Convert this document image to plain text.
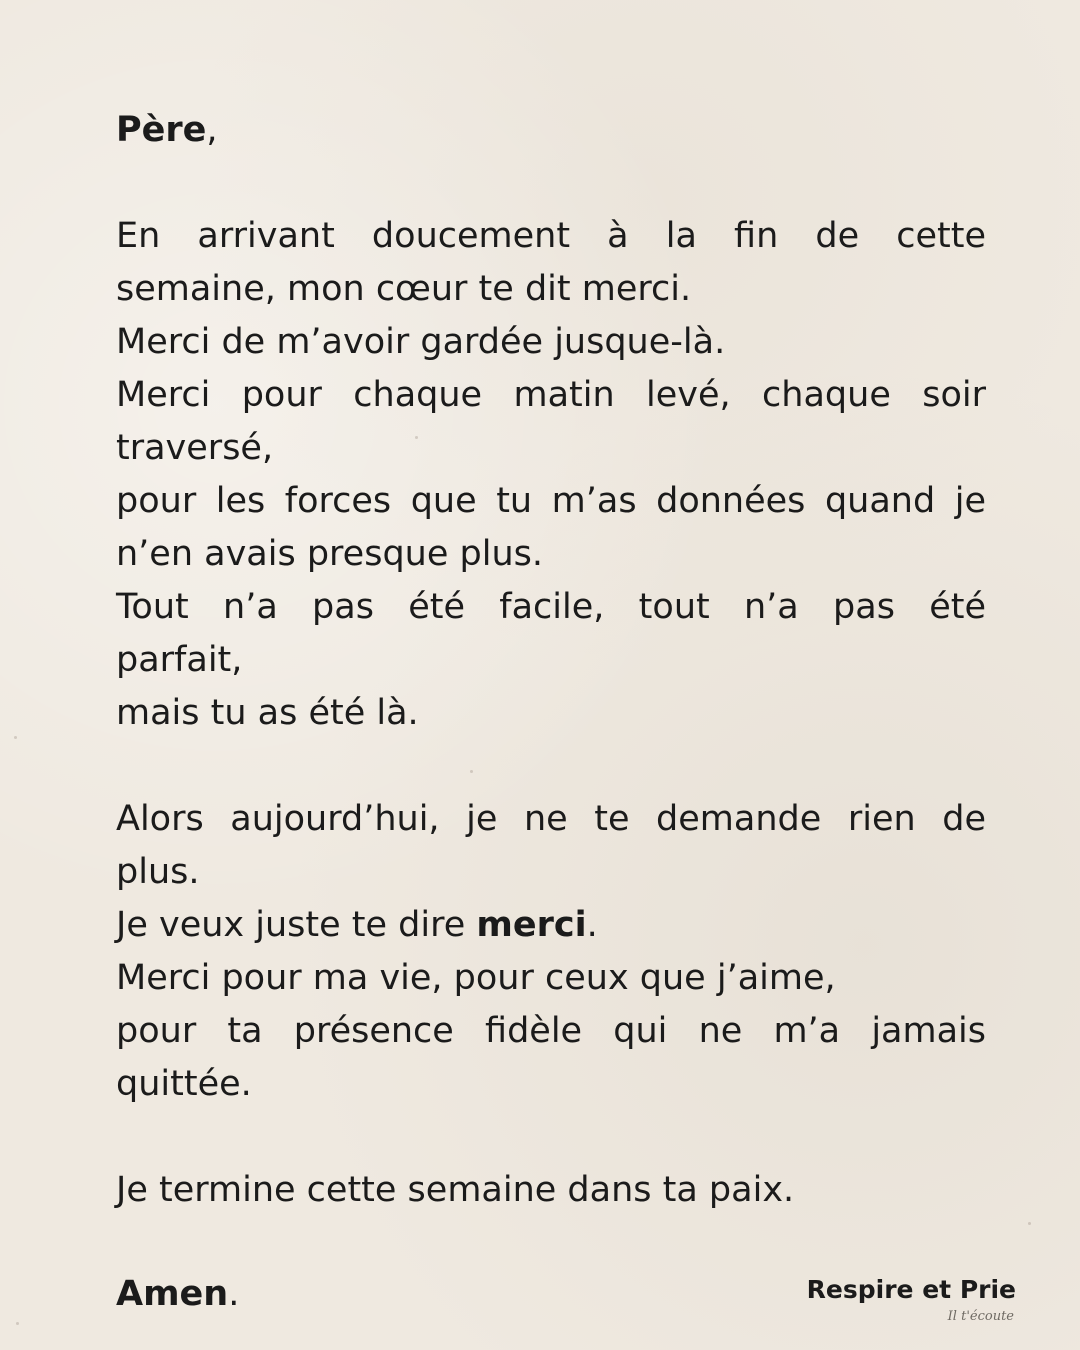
Père,
En arrivant doucement à la fin de cette
semaine, mon cœur te dit merci.
Merci de m’avoir gardée jusque-là.
Merci pour chaque matin levé, chaque soir
traversé,
pour les forces que tu m’as données quand je
n’en avais presque plus.
Tout n’a pas été facile, tout n’a pas été
parfait,
mais tu as été là.
Alors aujourd’hui, je ne te demande rien de
plus.
Je veux juste te dire merci.
Merci pour ma vie, pour ceux que j’aime,
pour ta présence fidèle qui ne m’a jamais
quittée.
Je termine cette semaine dans ta paix.
Amen.	Respire et Prie
Il t'écoute
